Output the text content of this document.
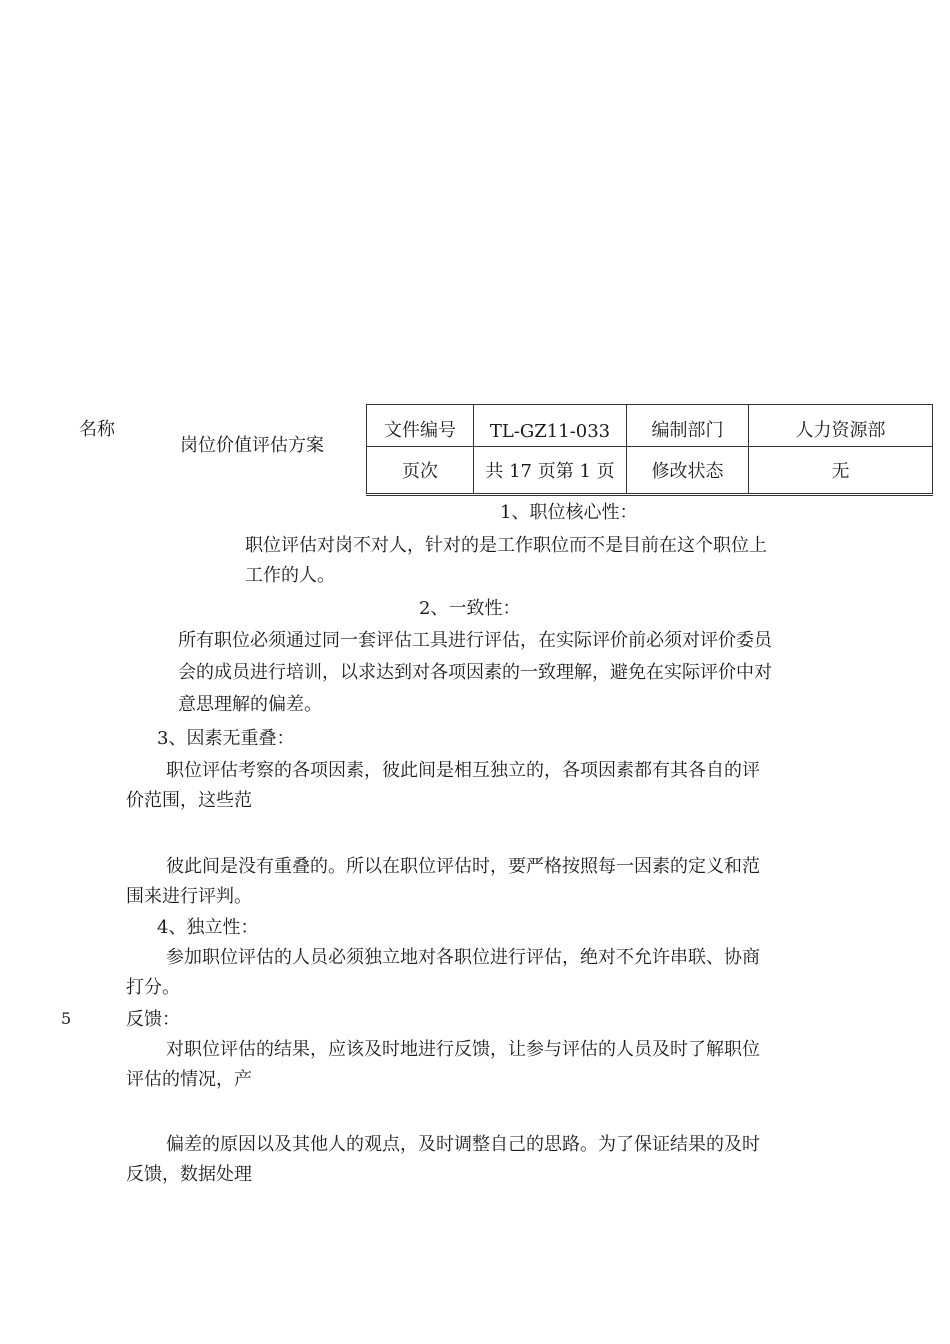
名称
岗位价值评估方案
文件编号	TL-GZ11-033	编制部门	人力资源部
页次	共 17 页第 1 页	修改状态	无
1、职位核心性：
职位评估对岗不对人，针对的是工作职位而不是目前在这个职位上
工作的人。
2、一致性：
所有职位必须通过同一套评估工具进行评估，在实际评价前必须对评价委员
会的成员进行培训，以求达到对各项因素的一致理解，避免在实际评价中对
意思理解的偏差。
3、因素无重叠：
职位评估考察的各项因素，彼此间是相互独立的，各项因素都有其各自的评
价范围，这些范
彼此间是没有重叠的。所以在职位评估时，要严格按照每一因素的定义和范
围来进行评判。
4、独立性：
参加职位评估的人员必须独立地对各职位进行评估，绝对不允许串联、协商
打分。
5	反馈：
对职位评估的结果，应该及时地进行反馈，让参与评估的人员及时了解职位
评估的情况，产
偏差的原因以及其他人的观点，及时调整自己的思路。为了保证结果的及时
反馈，数据处理
